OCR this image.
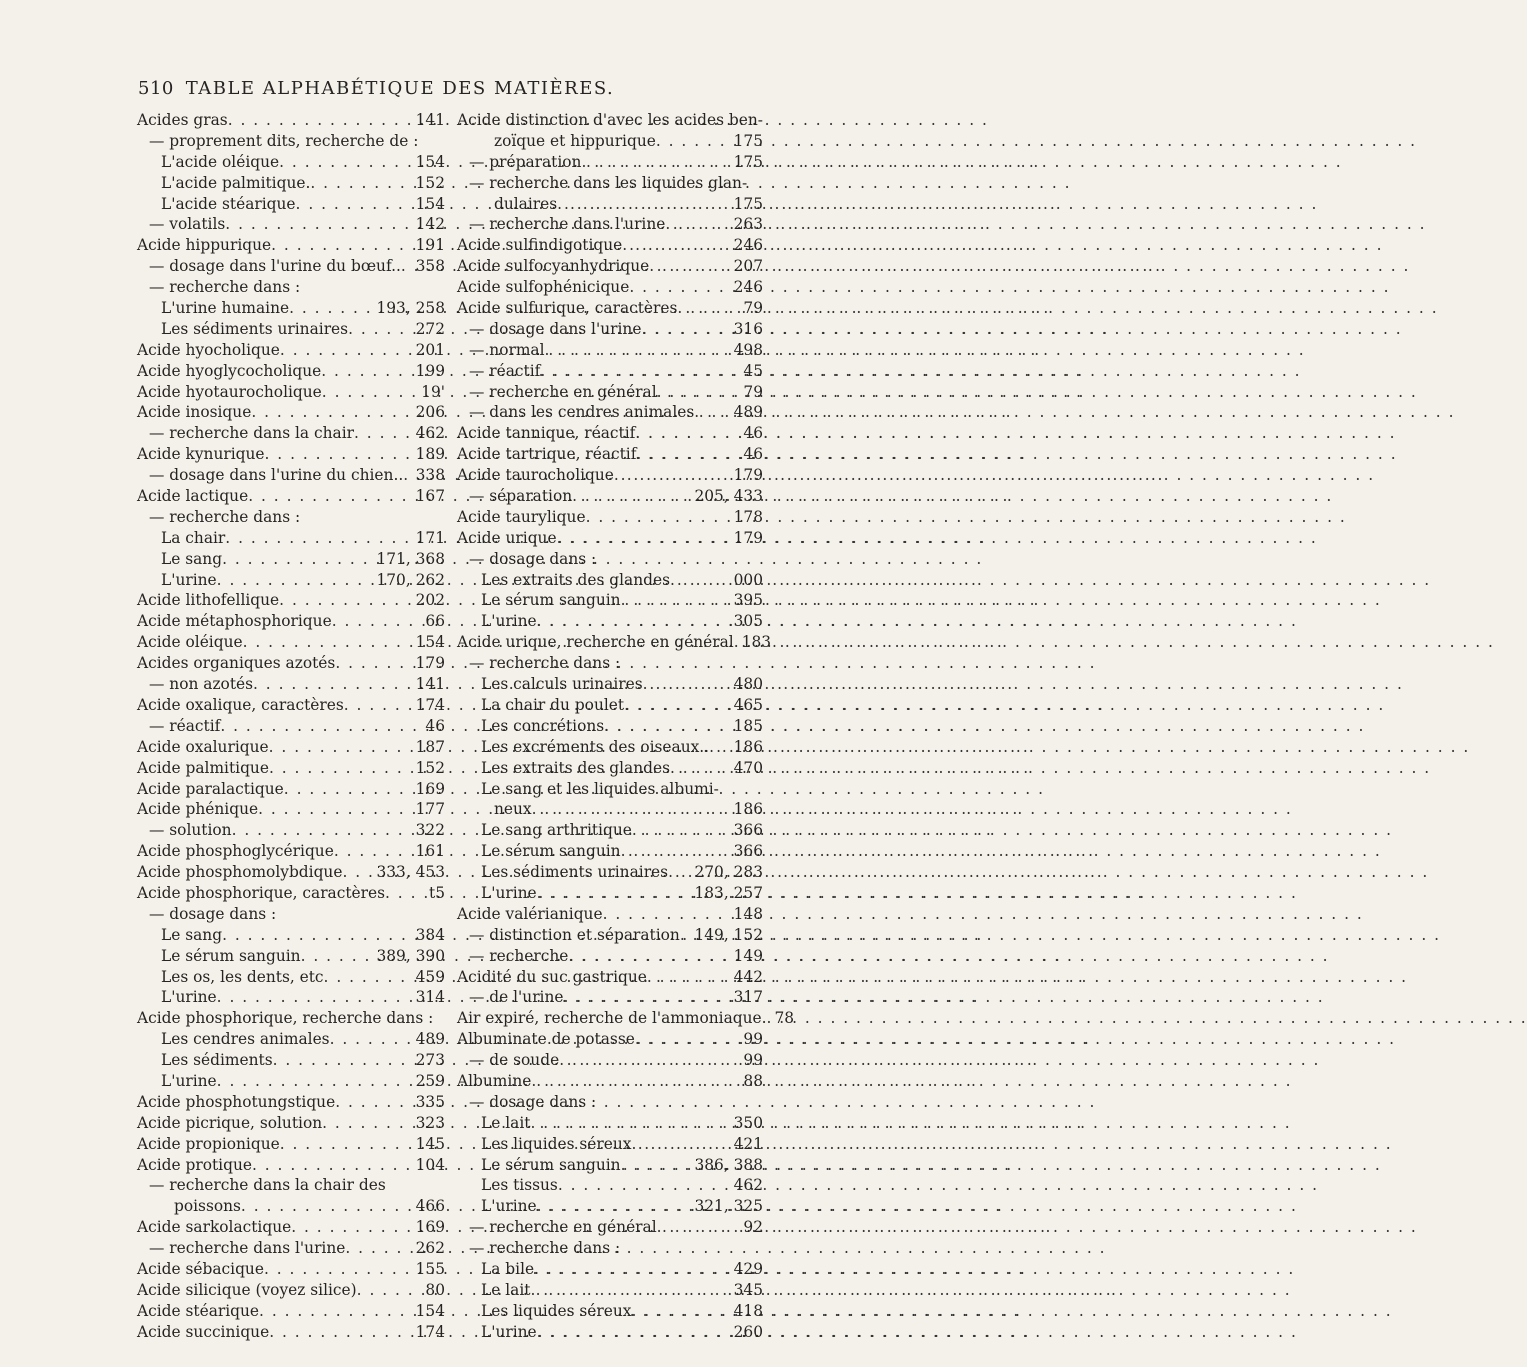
510 TABLE ALPHABÉTIQUE DES MATIÈRES.
Acides gras . . .	141
— proprement dits, recherche de :
L'acide oléique . . .	154
L'acide palmitique. . . .	152
L'acide stéarique . . .	154
— volatils . . .	142
Acide hippurique . . .	191
— dosage dans l'urine du bœuf.. . . . 358
— recherche dans :
L'urine humaine . . .	193, 258
Les sédiments urinaires . . .	272
Acide hyocholique . . .	201
Acide hyoglycocholique . . .	199
Acide hyotaurocholique . . .	19'
Acide inosique . . .	206
— recherche dans la chair . . .	462
Acide kynurique . . .	189
— dosage dans l'urine du chien.. . . . 338
Acide lactique . . .	167
— recherche dans :
La chair . . .	171
Le sang . . .	171, 368
L'urine . . .	170, 262
Acide lithofellique . . .	202
Acide métaphosphorique . . .	66
Acide oléique . . .	154
Acides organiques azotés . . .	179
— non azotés . . .	141
Acide oxalique, caractères . . .	174
— réactif . . .	46
Acide oxalurique . . .	187
Acide palmitique . . .	152
Acide paralactique . . .	169
Acide phénique . . .	177
— solution . . .	322
Acide phosphoglycérique . . .	161
Acide phosphomolybdique . . . 333, 453
Acide phosphorique, caractères . . .	t5
— dosage dans :
Le sang . . .	384
Le sérum sanguin . . .	389, 390
Les os, les dents, etc . . .	459
L'urine . . .	314
Acide phosphorique, recherche dans :
Les cendres animales . . .	489
Les sédiments . . .	273
L'urine . . .	259
Acide phosphotungstique . . .	335
Acide picrique, solution . . .	323
Acide propionique . . .	145
Acide protique . . .	104
— recherche dans la chair des
poissons . . .	466
Acide sarkolactique . . .	169
— recherche dans l'urine . . .	262
Acide sébacique . . .	155
Acide silicique (voyez silice) . . .	80
Acide stéarique . . .	154
Acide succinique . . .	174
Acide distinction d'avec les acides ben-
zoïque et hippurique . . .	175
— préparation . . .	175
— recherche dans les liquides glan-
dulaires . . .	175
— recherche dans l'urine . . .	263
Acide sulfindigotique . . .	246
Acide sulfocyanhydrique . . .	207
Acide sulfophénicique . . .	246
Acide sulfurique, caractères . . .	79
— dosage dans l'urine . . .	316
— normal . . .	498
— réactif . . .	45
— recherche en général . . .	79
— dans les cendres animales . . .	489
Acide tannique, réactif . . .	46
Acide tartrique, réactif . . .	46
Acide taurocholique . . .	179
— séparation . . .	205, 433
Acide taurylique . . .	178
Acide urique . . .	179
— dosage dans :
Les extraits des glandes . . .	000
Le sérum sanguin . . .	395
L'urine . . .	305
Acide urique, recherche en général . . . 183
— recherche dans :
Les calculs urinaires . . .	480
La chair du poulet . . .	465
Les concrétions . . .	185
Les excréments des oiseaux.. . . . 186
Les extraits des glandes . . .	470
Le sang et les liquides albumi-
neux . . .	186
Le sang arthritique . . .	366
Le sérum sanguin . . .	366
Les sédiments urinaires . . . 270, 283
L'urine . . .	183, 257
Acide valérianique . . .	148
— distinction et séparation . . . 149, 152
— recherche . . .	149
Acidité du suc gastrique . . .	442
— de l'urine . . .	317
Air expiré, recherche de l'ammoniaque. . . . 78
Albuminate de potasse . . .	99
— de soude . . .	99
Albumine . . .	88
— dosage dans :
Le lait . . .	350
Les liquides séreux . . .	421
Le sérum sanguin . . .	386, 388
Les tissus . . .	462
L'urine . . .	321, 325
— recherche en général . . .	92
— recherche dans :
La bile . . .	429
Le lait . . .	345
Les liquides séreux . . .	418
L'urine . . .	260
